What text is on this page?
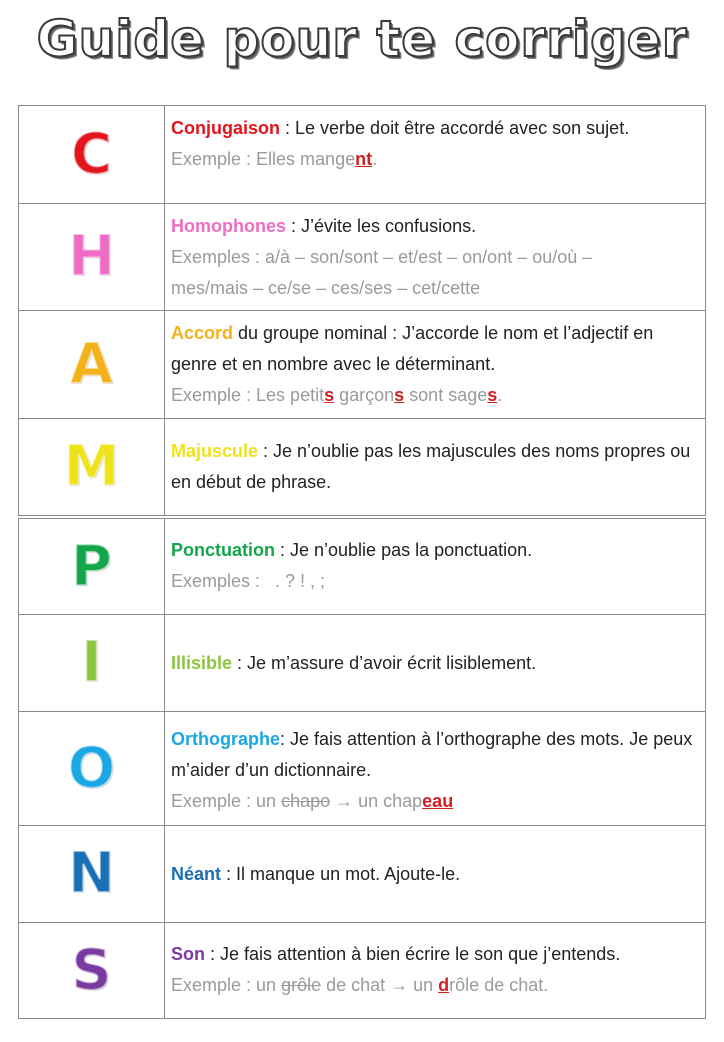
Guide pour te corriger
C	Conjugaison : Le verbe doit être accordé avec son sujet.
Exemple : Elles mangent.
H	Homophones : J’évite les confusions.
Exemples : a/à – son/sont – et/est – on/ont – ou/où –
mes/mais – ce/se – ces/ses – cet/cette
A	Accord du groupe nominal : J’accorde le nom et l’adjectif en genre et en nombre avec le déterminant.
Exemple : Les petits garçons sont sages.
M	Majuscule : Je n’oublie pas les majuscules des noms propres ou en début de phrase.
P	Ponctuation : Je n’oublie pas la ponctuation.
Exemples :   . ? ! , ;
I	Illisible : Je m’assure d’avoir écrit lisiblement.
O	Orthographe: Je fais attention à l’orthographe des mots. Je peux m’aider d’un dictionnaire.
Exemple : un chapo → un chapeau
N	Néant : Il manque un mot. Ajoute-le.
S	Son : Je fais attention à bien écrire le son que j’entends.
Exemple : un grôle de chat → un drôle de chat.
